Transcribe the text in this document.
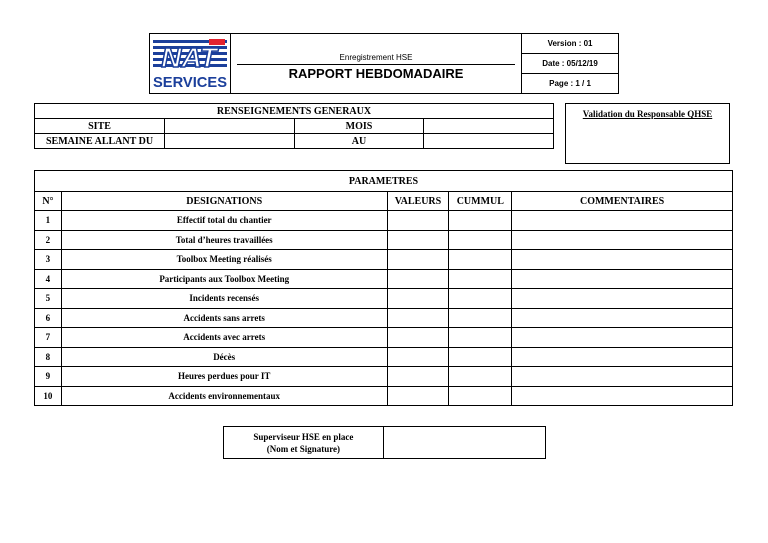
NAT
SERVICES

Enregistrement HSE
RAPPORT HEBDOMADAIRE

Version : 01
Date : 05/12/19
Page : 1 / 1
RENSEIGNEMENTS GENERAUX			
SITE		MOIS	
SEMAINE ALLANT DU		AU	
Validation du Responsable QHSE
PARAMETRES				
N°	DESIGNATIONS	VALEURS	CUMMUL	COMMENTAIRES
1	Effectif total du chantier			
2	Total d’heures travaillées			
3	Toolbox Meeting réalisés			
4	Participants aux Toolbox Meeting			
5	Incidents recensés			
6	Accidents sans arrets			
7	Accidents avec arrets			
8	Décès			
9	Heures perdues pour IT			
10	Accidents environnementaux			
Superviseur HSE en place
(Nom et Signature)
